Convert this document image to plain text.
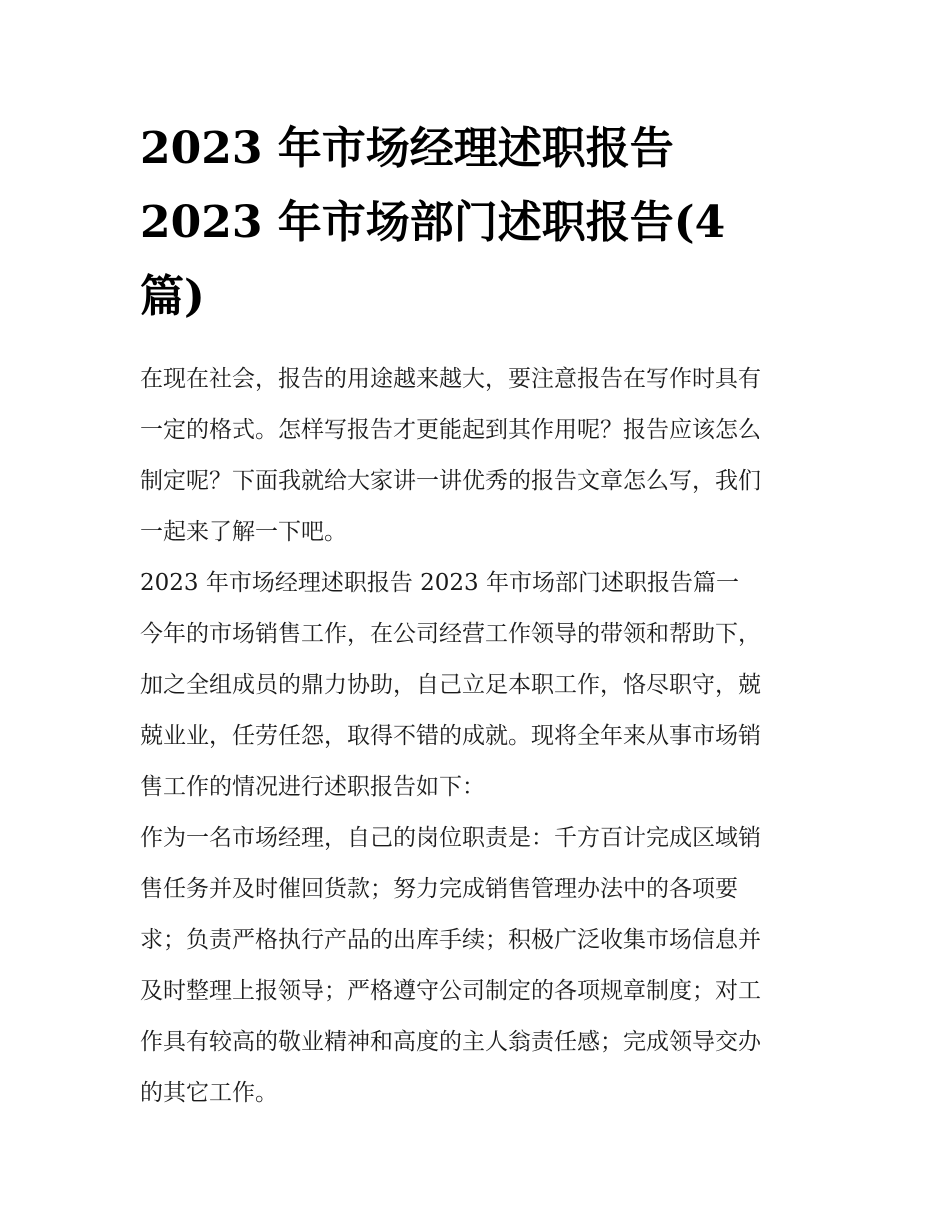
2023 年市场经理述职报告
2023 年市场部门述职报告(4
篇)

在现在社会，报告的用途越来越大，要注意报告在写作时具有
一定的格式。怎样写报告才更能起到其作用呢？报告应该怎么
制定呢？下面我就给大家讲一讲优秀的报告文章怎么写，我们
一起来了解一下吧。

2023 年市场经理述职报告 2023 年市场部门述职报告篇一

今年的市场销售工作，在公司经营工作领导的带领和帮助下，
加之全组成员的鼎力协助，自己立足本职工作，恪尽职守，兢
兢业业，任劳任怨，取得不错的成就。现将全年来从事市场销
售工作的情况进行述职报告如下：

作为一名市场经理，自己的岗位职责是：千方百计完成区域销
售任务并及时催回货款；努力完成销售管理办法中的各项要
求；负责严格执行产品的出库手续；积极广泛收集市场信息并
及时整理上报领导；严格遵守公司制定的各项规章制度；对工
作具有较高的敬业精神和高度的主人翁责任感；完成领导交办
的其它工作。
